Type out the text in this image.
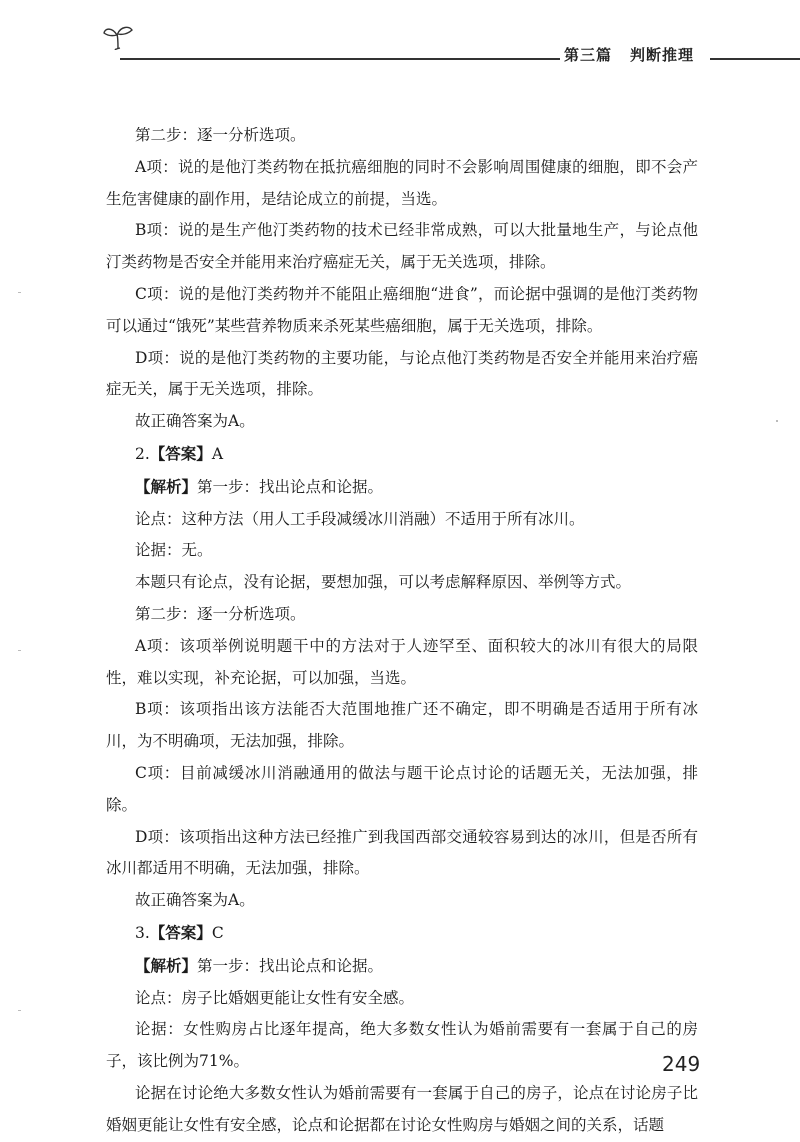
第三篇 判断推理

第二步：逐一分析选项。

A项：说的是他汀类药物在抵抗癌细胞的同时不会影响周围健康的细胞，即不会产生危害健康的副作用，是结论成立的前提，当选。

B项：说的是生产他汀类药物的技术已经非常成熟，可以大批量地生产，与论点他汀类药物是否安全并能用来治疗癌症无关，属于无关选项，排除。

C项：说的是他汀类药物并不能阻止癌细胞“进食”，而论据中强调的是他汀类药物可以通过“饿死”某些营养物质来杀死某些癌细胞，属于无关选项，排除。

D项：说的是他汀类药物的主要功能，与论点他汀类药物是否安全并能用来治疗癌症无关，属于无关选项，排除。

故正确答案为A。

2.【答案】A

【解析】第一步：找出论点和论据。

论点：这种方法（用人工手段减缓冰川消融）不适用于所有冰川。

论据：无。

本题只有论点，没有论据，要想加强，可以考虑解释原因、举例等方式。

第二步：逐一分析选项。

A项：该项举例说明题干中的方法对于人迹罕至、面积较大的冰川有很大的局限性，难以实现，补充论据，可以加强，当选。

B项：该项指出该方法能否大范围地推广还不确定，即不明确是否适用于所有冰川，为不明确项，无法加强，排除。

C项：目前减缓冰川消融通用的做法与题干论点讨论的话题无关，无法加强，排除。

D项：该项指出这种方法已经推广到我国西部交通较容易到达的冰川，但是否所有冰川都适用不明确，无法加强，排除。

故正确答案为A。

3.【答案】C

【解析】第一步：找出论点和论据。

论点：房子比婚姻更能让女性有安全感。

论据：女性购房占比逐年提高，绝大多数女性认为婚前需要有一套属于自己的房子，该比例为71%。

论据在讨论绝大多数女性认为婚前需要有一套属于自己的房子，论点在讨论房子比婚姻更能让女性有安全感，论点和论据都在讨论女性购房与婚姻之间的关系，话题

249
